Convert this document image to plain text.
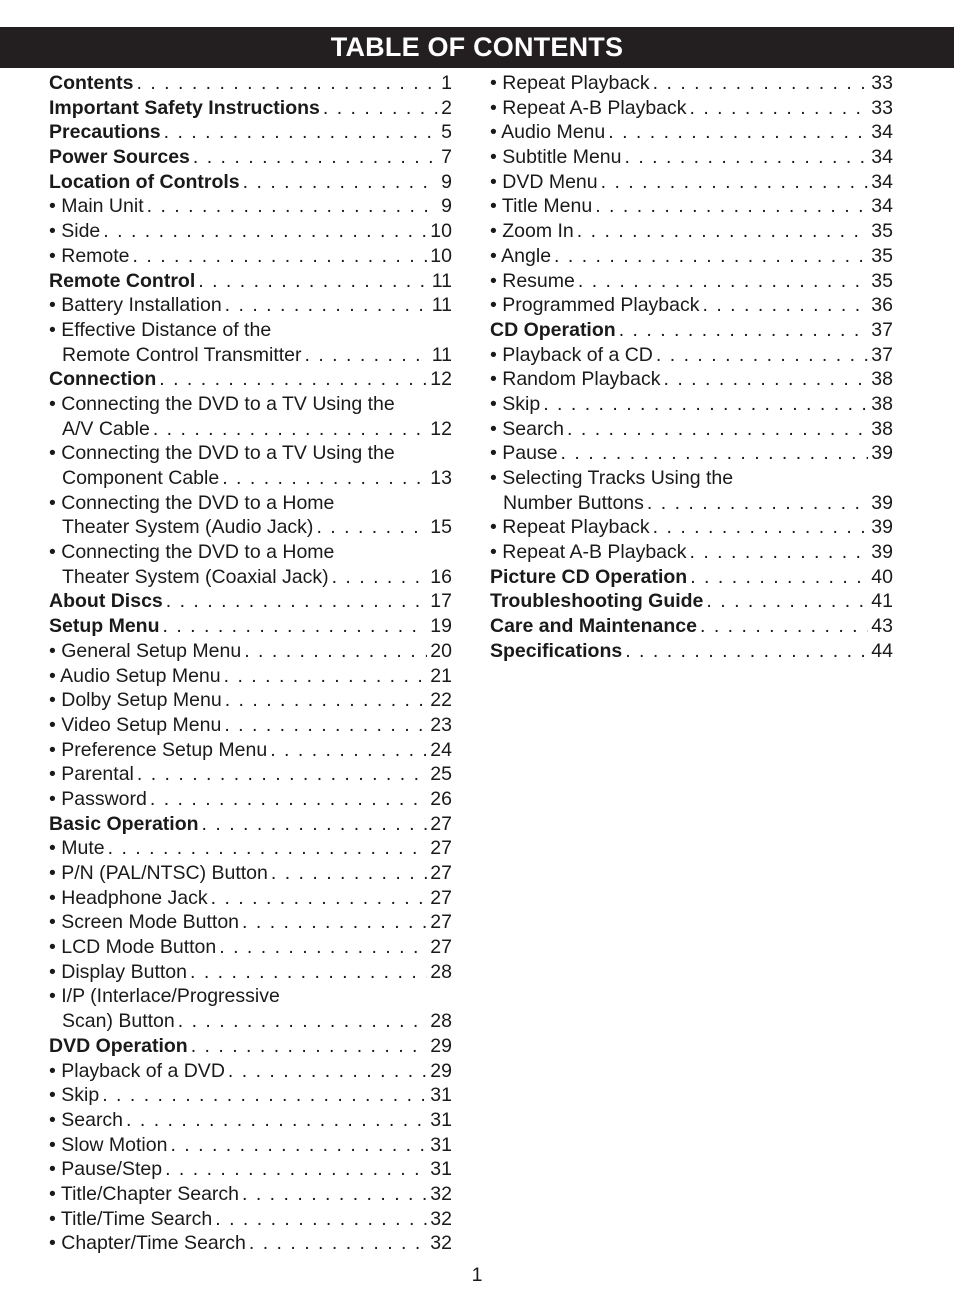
TABLE OF CONTENTS
Contents . . .	1
Important Safety Instructions . . .	2
Precautions . . .	5
Power Sources . . .	7
Location of Controls . . .	9
• Main Unit . . .	9
• Side . . .	10
• Remote . . .	10
Remote Control . . .	11
• Battery Installation . . .	11
• Effective Distance of the
Remote Control Transmitter . . .	11
Connection . . .	12
• Connecting the DVD to a TV Using the
A/V Cable . . .	12
• Connecting the DVD to a TV Using the
Component Cable . . .	13
• Connecting the DVD to a Home
Theater System (Audio Jack) . . .	15
• Connecting the DVD to a Home
Theater System (Coaxial Jack) . . .	16
About Discs . . .	17
Setup Menu . . .	19
• General Setup Menu . . .	20
• Audio Setup Menu . . .	21
• Dolby Setup Menu . . .	22
• Video Setup Menu . . .	23
• Preference Setup Menu . . .	24
• Parental . . .	25
• Password . . .	26
Basic Operation . . .	27
• Mute . . .	27
• P/N (PAL/NTSC) Button . . .	27
• Headphone Jack . . .	27
• Screen Mode Button . . .	27
• LCD Mode Button . . .	27
• Display Button . . .	28
• I/P (Interlace/Progressive
Scan) Button . . .	28
DVD Operation . . .	29
• Playback of a DVD . . .	29
• Skip . . .	31
• Search . . .	31
• Slow Motion . . .	31
• Pause/Step . . .	31
• Title/Chapter Search . . .	32
• Title/Time Search . . .	32
• Chapter/Time Search . . .	32
• Repeat Playback . . .	33
• Repeat A-B Playback . . .	33
• Audio Menu . . .	34
• Subtitle Menu . . .	34
• DVD Menu . . .	34
• Title Menu . . .	34
• Zoom In . . .	35
• Angle . . .	35
• Resume . . .	35
• Programmed Playback . . .	36
CD Operation . . .	37
• Playback of a CD . . .	37
• Random Playback . . .	38
• Skip . . .	38
• Search . . .	38
• Pause . . .	39
• Selecting Tracks Using the
Number Buttons . . .	39
• Repeat Playback . . .	39
• Repeat A-B Playback . . .	39
Picture CD Operation . . .	40
Troubleshooting Guide . . .	41
Care and Maintenance . . .	43
Specifications . . .	44
1
